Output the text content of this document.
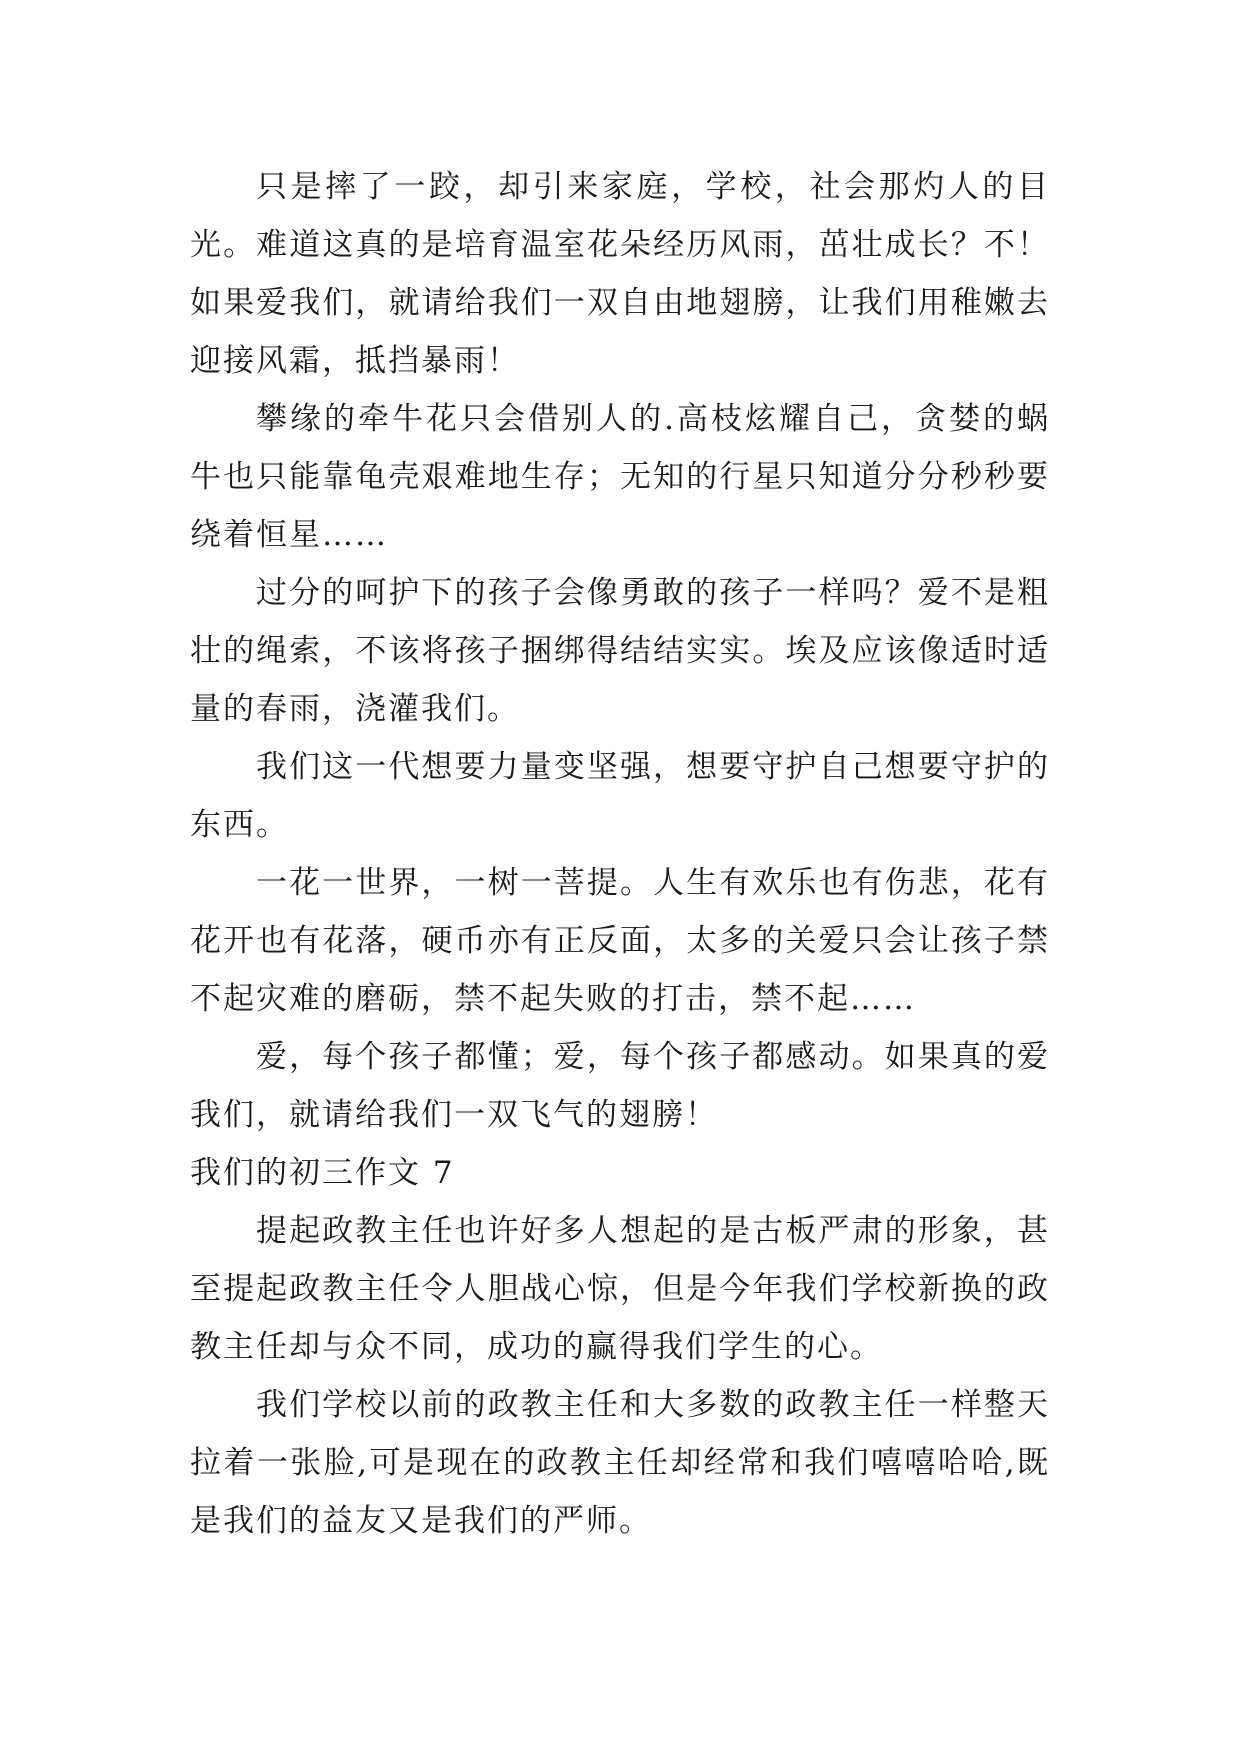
只是摔了一跤，却引来家庭，学校，社会那灼人的目光。难道这真的是培育温室花朵经历风雨，茁壮成长？不！如果爱我们，就请给我们一双自由地翅膀，让我们用稚嫩去迎接风霜，抵挡暴雨！

攀缘的牵牛花只会借别人的.高枝炫耀自己，贪婪的蜗牛也只能靠龟壳艰难地生存；无知的行星只知道分分秒秒要绕着恒星……

过分的呵护下的孩子会像勇敢的孩子一样吗？爱不是粗壮的绳索，不该将孩子捆绑得结结实实。埃及应该像适时适量的春雨，浇灌我们。

我们这一代想要力量变坚强，想要守护自己想要守护的东西。

一花一世界，一树一菩提。人生有欢乐也有伤悲，花有花开也有花落，硬币亦有正反面，太多的关爱只会让孩子禁不起灾难的磨砺，禁不起失败的打击，禁不起……

爱，每个孩子都懂；爱，每个孩子都感动。如果真的爱我们，就请给我们一双飞气的翅膀！

我们的初三作文 7

提起政教主任也许好多人想起的是古板严肃的形象，甚至提起政教主任令人胆战心惊，但是今年我们学校新换的政教主任却与众不同，成功的赢得我们学生的心。

我们学校以前的政教主任和大多数的政教主任一样整天拉着一张脸,可是现在的政教主任却经常和我们嘻嘻哈哈,既是我们的益友又是我们的严师。
